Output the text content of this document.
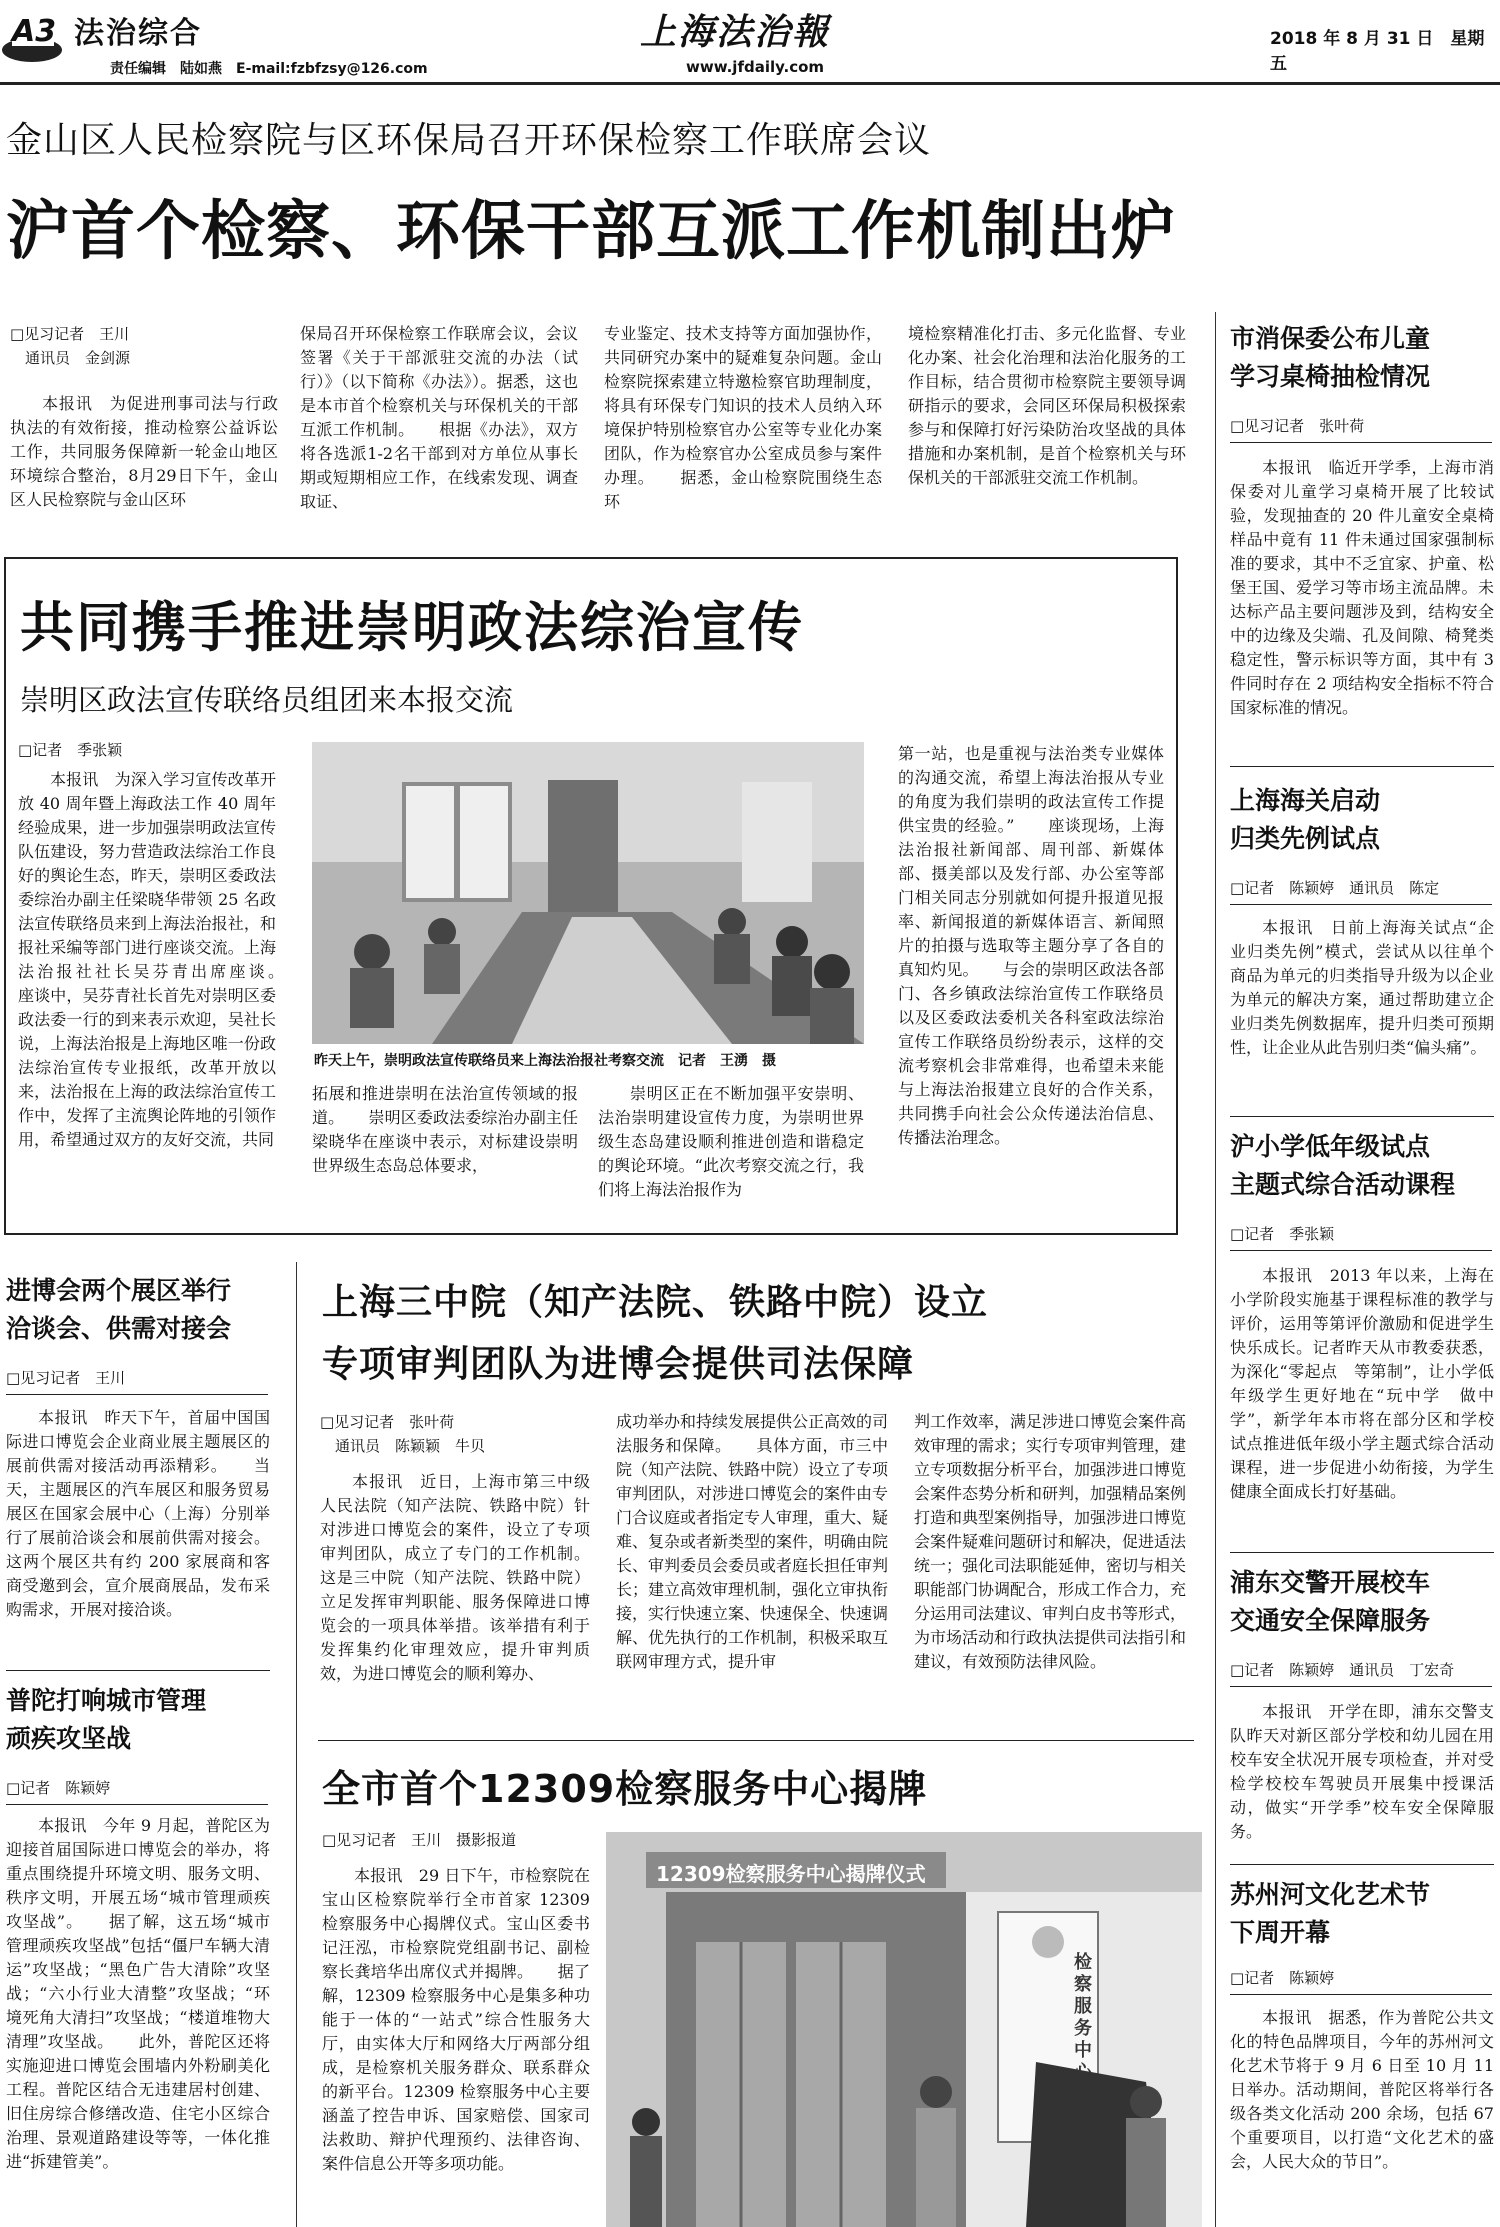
A3 法治综合
责任编辑　陆如燕　E-mail:fzbfzsy@126.com
上海法治報
www.jfdaily.com
2018 年 8 月 31 日　星期五
金山区人民检察院与区环保局召开环保检察工作联席会议
沪首个检察、环保干部互派工作机制出炉

□见习记者　王川

　通讯员　金剑源

本报讯　为促进刑事司法与行政执法的有效衔接，推动检察公益诉讼工作，共同服务保障新一轮金山地区环境综合整治，8月29日下午，金山区人民检察院与金山区环

保局召开环保检察工作联席会议，会议签署《关于干部派驻交流的办法（试行）》（以下简称《办法》）。据悉，这也是本市首个检察机关与环保机关的干部互派工作机制。　　根据《办法》，双方将各选派1-2名干部到对方单位从事长期或短期相应工作，在线索发现、调查取证、

专业鉴定、技术支持等方面加强协作，共同研究办案中的疑难复杂问题。金山检察院探索建立特邀检察官助理制度，将具有环保专门知识的技术人员纳入环境保护特别检察官办公室等专业化办案团队，作为检察官办公室成员参与案件办理。　　据悉，金山检察院围绕生态环

境检察精准化打击、多元化监督、专业化办案、社会化治理和法治化服务的工作目标，结合贯彻市检察院主要领导调研指示的要求，会同区环保局积极探索参与和保障打好污染防治攻坚战的具体措施和办案机制，是首个检察机关与环保机关的干部派驻交流工作机制。

共同携手推进崇明政法综治宣传
崇明区政法宣传联络员组团来本报交流
□记者　季张颖

本报讯　为深入学习宣传改革开放 40 周年暨上海政法工作 40 周年经验成果，进一步加强崇明政法宣传队伍建设，努力营造政法综治工作良好的舆论生态，昨天，崇明区委政法委综治办副主任梁晓华带领 25 名政法宣传联络员来到上海法治报社，和报社采编等部门进行座谈交流。上海法治报社社长吴芬青出席座谈。　　座谈中，吴芬青社长首先对崇明区委政法委一行的到来表示欢迎，吴社长说，上海法治报是上海地区唯一份政法综治宣传专业报纸，改革开放以来，法治报在上海的政法综治宣传工作中，发挥了主流舆论阵地的引领作用，希望通过双方的友好交流，共同

昨天上午，崇明政法宣传联络员来上海法治报社考察交流　记者　王湧　摄

拓展和推进崇明在法治宣传领域的报道。　　崇明区委政法委综治办副主任梁晓华在座谈中表示，对标建设崇明世界级生态岛总体要求，

崇明区正在不断加强平安崇明、法治崇明建设宣传力度，为崇明世界级生态岛建设顺利推进创造和谐稳定的舆论环境。“此次考察交流之行，我们将上海法治报作为

第一站，也是重视与法治类专业媒体的沟通交流，希望上海法治报从专业的角度为我们崇明的政法宣传工作提供宝贵的经验。”　　座谈现场，上海法治报社新闻部、周刊部、新媒体部、摄美部以及发行部、办公室等部门相关同志分别就如何提升报道见报率、新闻报道的新媒体语言、新闻照片的拍摄与选取等主题分享了各自的真知灼见。　　与会的崇明区政法各部门、各乡镇政法综治宣传工作联络员以及区委政法委机关各科室政法综治宣传工作联络员纷纷表示，这样的交流考察机会非常难得，也希望未来能与上海法治报建立良好的合作关系，共同携手向社会公众传递法治信息、传播法治理念。

进博会两个展区举行
洽谈会、供需对接会
□见习记者　王川

本报讯　昨天下午，首届中国国际进口博览会企业商业展主题展区的展前供需对接活动再添精彩。　　当天，主题展区的汽车展区和服务贸易展区在国家会展中心（上海）分别举行了展前洽谈会和展前供需对接会。这两个展区共有约 200 家展商和客商受邀到会，宣介展商展品，发布采购需求，开展对接洽谈。

普陀打响城市管理
顽疾攻坚战
□记者　陈颖婷

本报讯　今年 9 月起，普陀区为迎接首届国际进口博览会的举办，将重点围绕提升环境文明、服务文明、秩序文明，开展五场“城市管理顽疾攻坚战”。　　据了解，这五场“城市管理顽疾攻坚战”包括“僵尸车辆大清运”攻坚战；“黑色广告大清除”攻坚战；“六小行业大清整”攻坚战；“环境死角大清扫”攻坚战；“楼道堆物大清理”攻坚战。　　此外，普陀区还将实施迎进口博览会围墙内外粉刷美化工程。普陀区结合无违建居村创建、旧住房综合修缮改造、住宅小区综合治理、景观道路建设等等，一体化推进“拆建管美”。

上海三中院（知产法院、铁路中院）设立
专项审判团队为进博会提供司法保障

□见习记者　张叶荷

　通讯员　陈颖颖　牛贝

本报讯　近日，上海市第三中级人民法院（知产法院、铁路中院）针对涉进口博览会的案件，设立了专项审判团队，成立了专门的工作机制。这是三中院（知产法院、铁路中院）立足发挥审判职能、服务保障进口博览会的一项具体举措。该举措有利于发挥集约化审理效应，提升审判质效，为进口博览会的顺利筹办、

成功举办和持续发展提供公正高效的司法服务和保障。　　具体方面，市三中院（知产法院、铁路中院）设立了专项审判团队，对涉进口博览会的案件由专门合议庭或者指定专人审理，重大、疑难、复杂或者新类型的案件，明确由院长、审判委员会委员或者庭长担任审判长；建立高效审理机制，强化立审执衔接，实行快速立案、快速保全、快速调解、优先执行的工作机制，积极采取互联网审理方式，提升审

判工作效率，满足涉进口博览会案件高效审理的需求；实行专项审判管理，建立专项数据分析平台，加强涉进口博览会案件态势分析和研判，加强精品案例打造和典型案例指导，加强涉进口博览会案件疑难问题研讨和解决，促进适法统一；强化司法职能延伸，密切与相关职能部门协调配合，形成工作合力，充分运用司法建议、审判白皮书等形式，为市场活动和行政执法提供司法指引和建议，有效预防法律风险。

全市首个12309检察服务中心揭牌
□见习记者　王川　摄影报道

本报讯　29 日下午，市检察院在宝山区检察院举行全市首家 12309 检察服务中心揭牌仪式。宝山区委书记汪泓，市检察院党组副书记、副检察长龚培华出席仪式并揭牌。　　据了解，12309 检察服务中心是集多种功能于一体的“一站式”综合性服务大厅，由实体大厅和网络大厅两部分组成，是检察机关服务群众、联系群众的新平台。12309 检察服务中心主要涵盖了控告申诉、国家赔偿、国家司法救助、辩护代理预约、法律咨询、案件信息公开等多项功能。

12309检察服务中心揭牌仪式
检察服务中心
市消保委公布儿童
学习桌椅抽检情况
□见习记者　张叶荷

本报讯　临近开学季，上海市消保委对儿童学习桌椅开展了比较试验，发现抽查的 20 件儿童安全桌椅样品中竟有 11 件未通过国家强制标准的要求，其中不乏宜家、护童、松堡王国、爱学习等市场主流品牌。未达标产品主要问题涉及到，结构安全中的边缘及尖端、孔及间隙、椅凳类稳定性，警示标识等方面，其中有 3 件同时存在 2 项结构安全指标不符合国家标准的情况。

上海海关启动
归类先例试点
□记者　陈颖婷　通讯员　陈定

本报讯　日前上海海关试点“企业归类先例”模式，尝试从以往单个商品为单元的归类指导升级为以企业为单元的解决方案，通过帮助建立企业归类先例数据库，提升归类可预期性，让企业从此告别归类“偏头痛”。

沪小学低年级试点
主题式综合活动课程
□记者　季张颖

本报讯　2013 年以来，上海在小学阶段实施基于课程标准的教学与评价，运用等第评价激励和促进学生快乐成长。记者昨天从市教委获悉，为深化“零起点　等第制”，让小学低年级学生更好地在“玩中学　做中学”，新学年本市将在部分区和学校试点推进低年级小学主题式综合活动课程，进一步促进小幼衔接，为学生健康全面成长打好基础。

浦东交警开展校车
交通安全保障服务
□记者　陈颖婷　通讯员　丁宏奇

本报讯　开学在即，浦东交警支队昨天对新区部分学校和幼儿园在用校车安全状况开展专项检查，并对受检学校校车驾驶员开展集中授课活动，做实“开学季”校车安全保障服务。

苏州河文化艺术节
下周开幕
□记者　陈颖婷

本报讯　据悉，作为普陀公共文化的特色品牌项目，今年的苏州河文化艺术节将于 9 月 6 日至 10 月 11 日举办。活动期间，普陀区将举行各级各类文化活动 200 余场，包括 67 个重要项目，以打造“文化艺术的盛会，人民大众的节日”。
